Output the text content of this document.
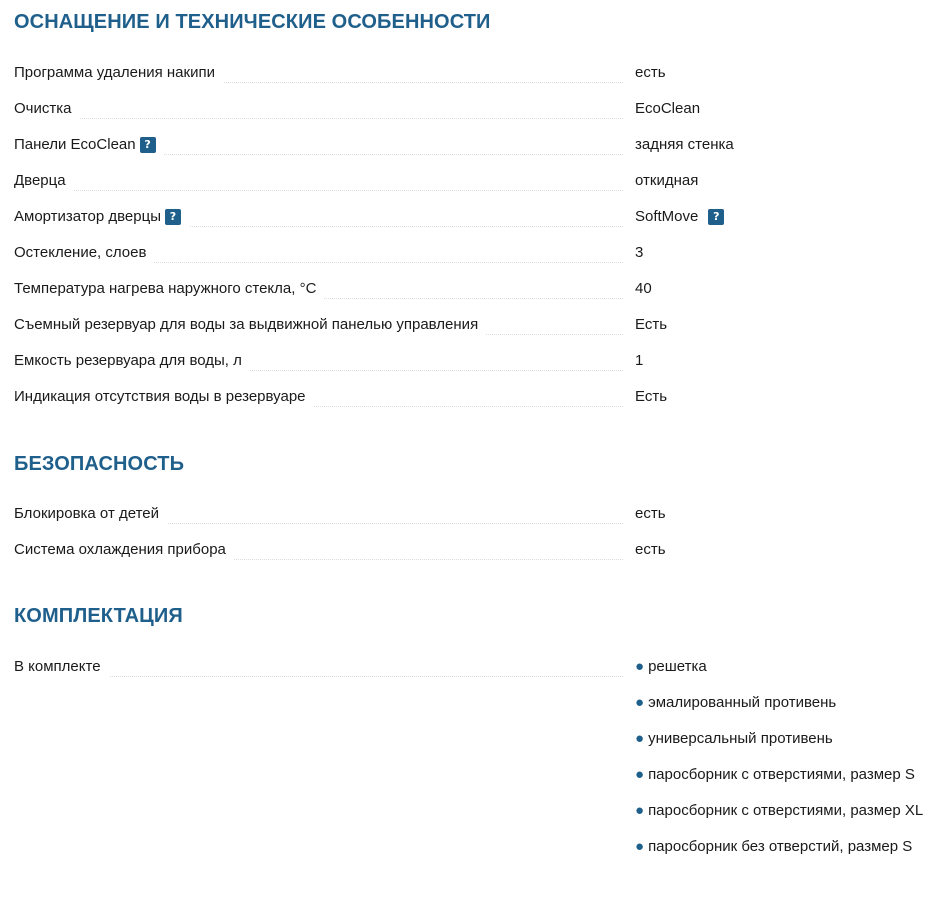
ОСНАЩЕНИЕ И ТЕХНИЧЕСКИЕ ОСОБЕННОСТИ
Программа удаления накипи	есть
Очистка	EcoClean
Панели EcoClean ?	задняя стенка
Дверца	откидная
Амортизатор дверцы ?	SoftMove ?
Остекление, слоев	3
Температура нагрева наружного стекла, °С	40
Съемный резервуар для воды за выдвижной панелью управления	Есть
Емкость резервуара для воды, л	1
Индикация отсутствия воды в резервуаре	Есть
БЕЗОПАСНОСТЬ
Блокировка от детей	есть
Система охлаждения прибора	есть
КОМПЛЕКТАЦИЯ
В комплекте	● решетка
● эмалированный противень
● универсальный противень
● паросборник с отверстиями, размер S
● паросборник с отверстиями, размер XL
● паросборник без отверстий, размер S
